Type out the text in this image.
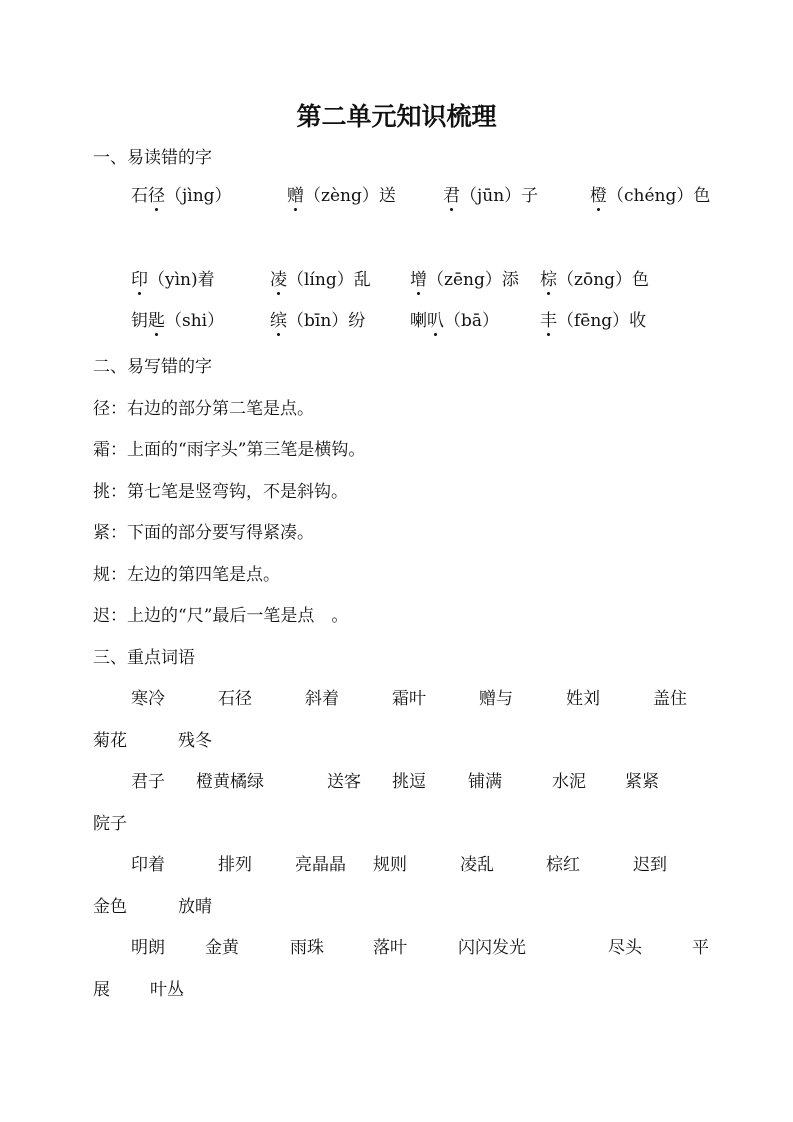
第二单元知识梳理
一、易读错的字
石径（jìng）	赠（zèng）送	君（jūn）子	橙（chéng）色
印（yìn)着	凌（líng）乱 增（zēng）添 棕（zōng）色
钥匙（shi）	缤（bīn）纷	喇叭（bā） 丰（fēng）收
二、易写错的字
径：右边的部分第二笔是点。
霜：上面的“雨字头”第三笔是横钩。
挑：第七笔是竖弯钩，不是斜钩。
紧：下面的部分要写得紧凑。
规：左边的第四笔是点。
迟：上边的“尺”最后一笔是点　。
三、重点词语
寒冷	石径	斜着	霜叶	赠与	姓刘	盖住
菊花	残冬
君子 橙黄橘绿	送客 挑逗 铺满	水泥 紧紧
院子
印着	排列	亮晶晶 规则	凌乱	棕红	迟到
金色	放晴
明朗 金黄	雨珠	落叶	闪闪发光	尽头	平
展 叶丛
